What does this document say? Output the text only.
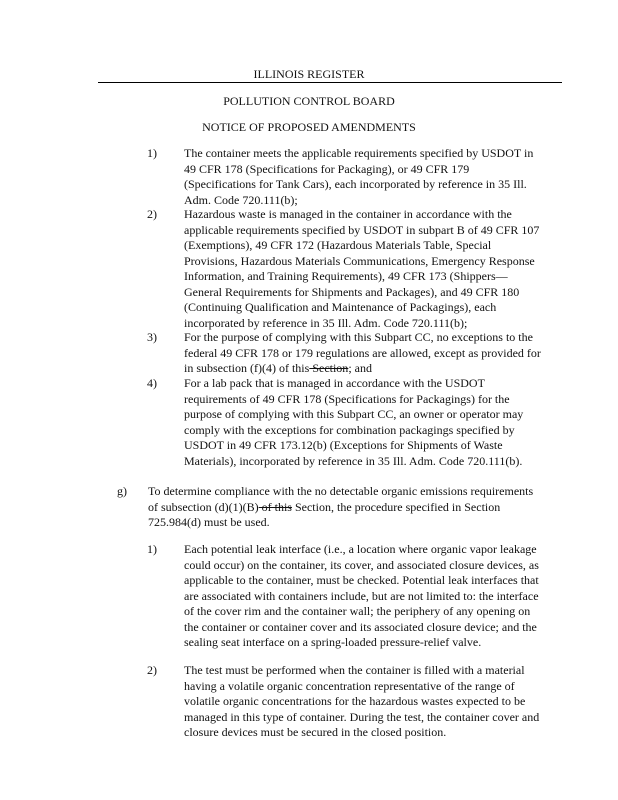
ILLINOIS REGISTER
POLLUTION CONTROL BOARD
NOTICE OF PROPOSED AMENDMENTS
1) The container meets the applicable requirements specified by USDOT in
49 CFR 178 (Specifications for Packaging), or 49 CFR 179
(Specifications for Tank Cars), each incorporated by reference in 35 Ill.
Adm. Code 720.111(b);
2) Hazardous waste is managed in the container in accordance with the
applicable requirements specified by USDOT in subpart B of 49 CFR 107
(Exemptions), 49 CFR 172 (Hazardous Materials Table, Special
Provisions, Hazardous Materials Communications, Emergency Response
Information, and Training Requirements), 49 CFR 173 (Shippers—
General Requirements for Shipments and Packages), and 49 CFR 180
(Continuing Qualification and Maintenance of Packagings), each
incorporated by reference in 35 Ill. Adm. Code 720.111(b);
3) For the purpose of complying with this Subpart CC, no exceptions to the
federal 49 CFR 178 or 179 regulations are allowed, except as provided for
in subsection (f)(4) of this Section; and
4) For a lab pack that is managed in accordance with the USDOT
requirements of 49 CFR 178 (Specifications for Packagings) for the
purpose of complying with this Subpart CC, an owner or operator may
comply with the exceptions for combination packagings specified by
USDOT in 49 CFR 173.12(b) (Exceptions for Shipments of Waste
Materials), incorporated by reference in 35 Ill. Adm. Code 720.111(b).
g) To determine compliance with the no detectable organic emissions requirements
of subsection (d)(1)(B) of this Section, the procedure specified in Section
725.984(d) must be used.
1) Each potential leak interface (i.e., a location where organic vapor leakage
could occur) on the container, its cover, and associated closure devices, as
applicable to the container, must be checked. Potential leak interfaces that
are associated with containers include, but are not limited to: the interface
of the cover rim and the container wall; the periphery of any opening on
the container or container cover and its associated closure device; and the
sealing seat interface on a spring-loaded pressure-relief valve.
2) The test must be performed when the container is filled with a material
having a volatile organic concentration representative of the range of
volatile organic concentrations for the hazardous wastes expected to be
managed in this type of container. During the test, the container cover and
closure devices must be secured in the closed position.
